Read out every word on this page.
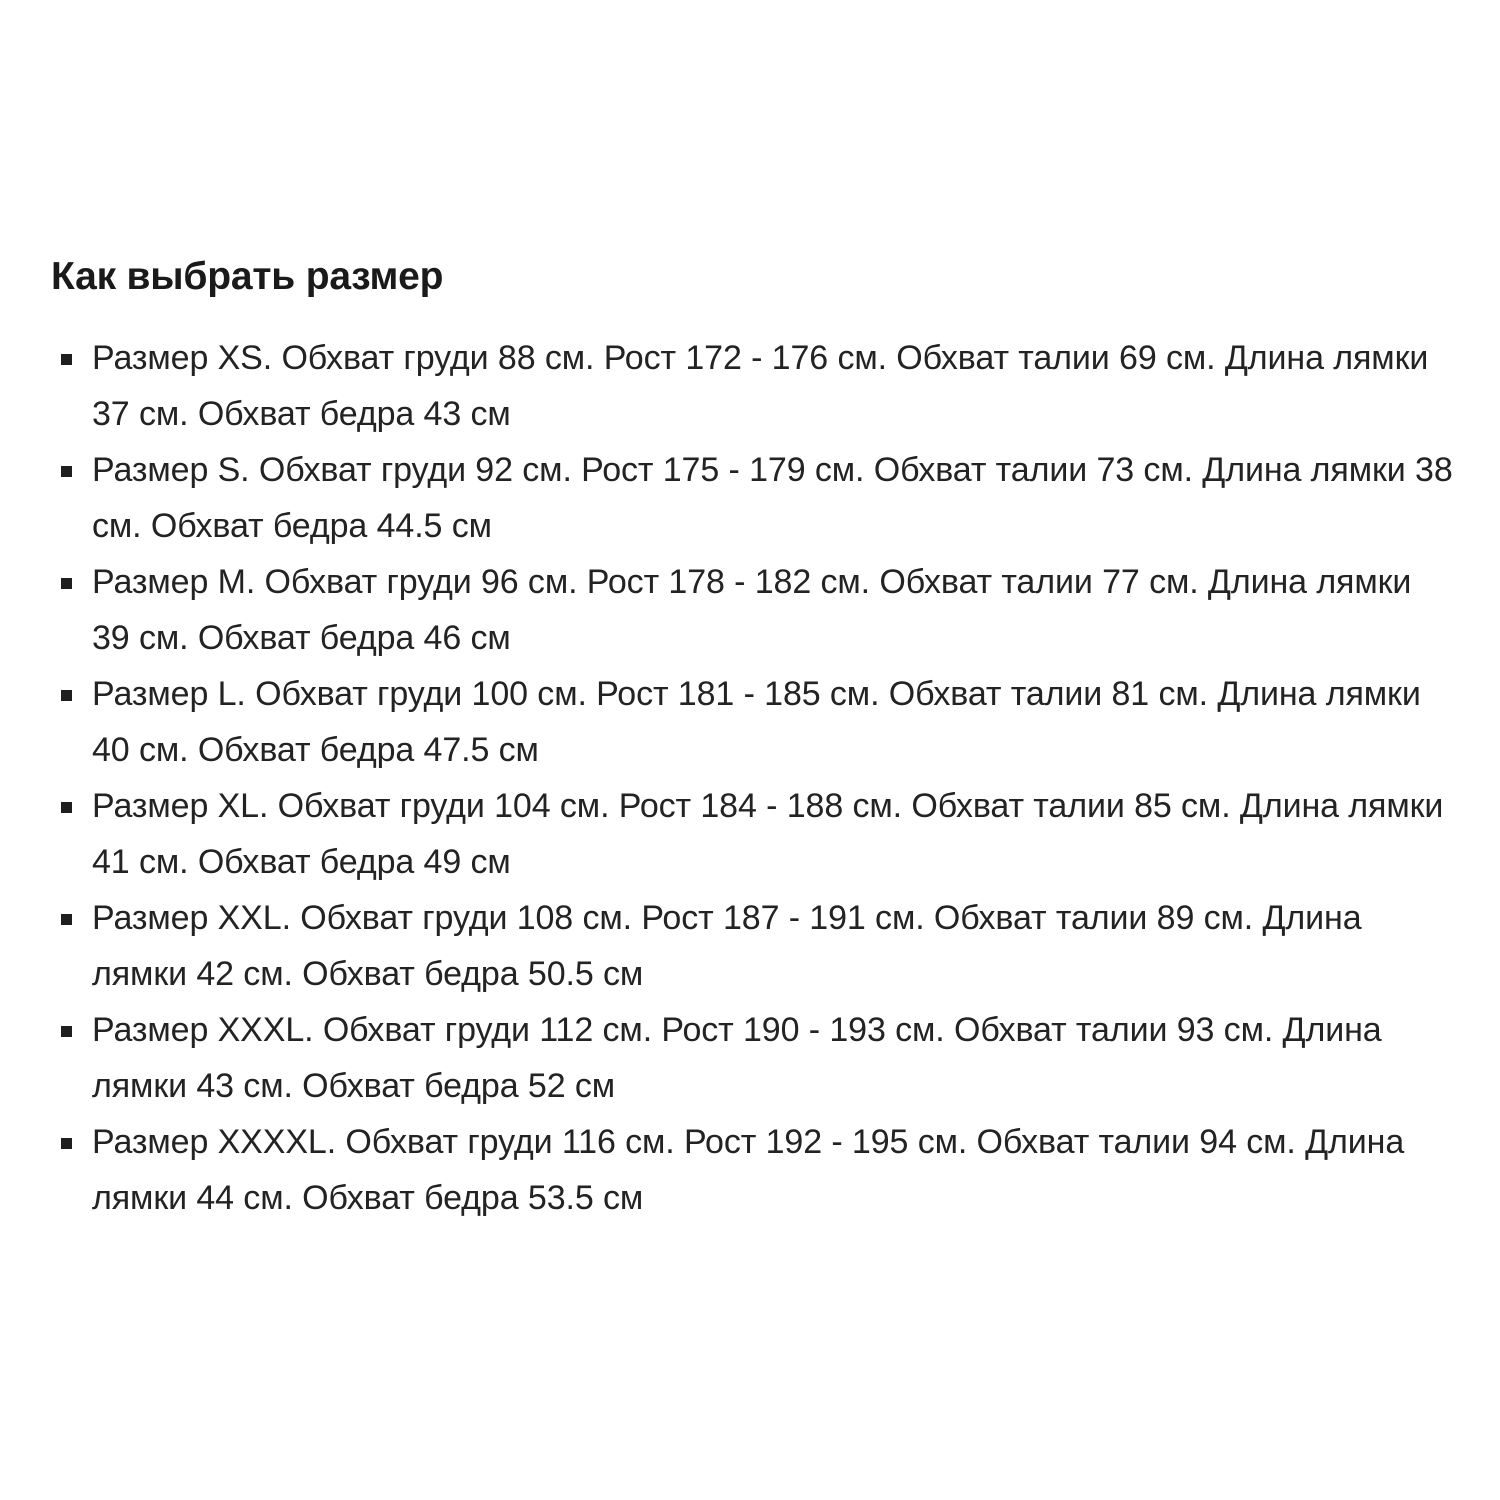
Как выбрать размер
Размер XS. Обхват груди 88 см. Рост 172 - 176 см. Обхват талии 69 см. Длина лямки 37 см. Обхват бедра 43 см
Размер S. Обхват груди 92 см. Рост 175 - 179 см. Обхват талии 73 см. Длина лямки 38 см. Обхват бедра 44.5 см
Размер M. Обхват груди 96 см. Рост 178 - 182 см. Обхват талии 77 см. Длина лямки 39 см. Обхват бедра 46 см
Размер L. Обхват груди 100 см. Рост 181 - 185 см. Обхват талии 81 см. Длина лямки 40 см. Обхват бедра 47.5 см
Размер XL. Обхват груди 104 см. Рост 184 - 188 см. Обхват талии 85 см. Длина лямки 41 см. Обхват бедра 49 см
Размер XXL. Обхват груди 108 см. Рост 187 - 191 см. Обхват талии 89 см. Длина лямки 42 см. Обхват бедра 50.5 см
Размер XXXL. Обхват груди 112 см. Рост 190 - 193 см. Обхват талии 93 см. Длина лямки 43 см. Обхват бедра 52 см
Размер XXXXL. Обхват груди 116 см. Рост 192 - 195 см. Обхват талии 94 см. Длина лямки 44 см. Обхват бедра 53.5 см
